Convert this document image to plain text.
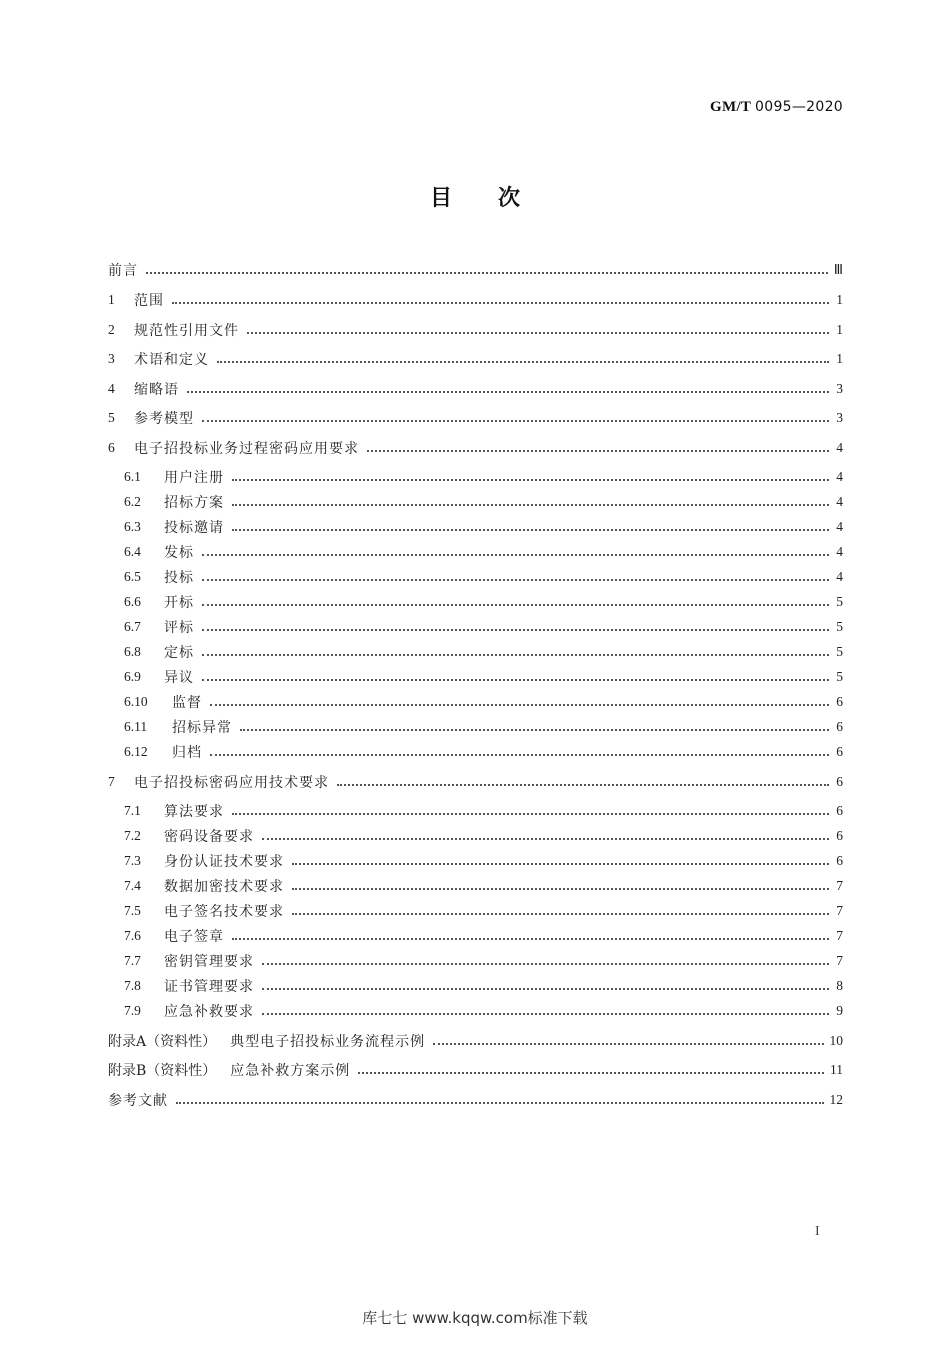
GM/T 0095—2020
目次
前言	Ⅲ
1	范围	1
2	规范性引用文件	1
3	术语和定义	1
4	缩略语	3
5	参考模型	3
6	电子招投标业务过程密码应用要求	4
6.1	用户注册	4
6.2	招标方案	4
6.3	投标邀请	4
6.4	发标	4
6.5	投标	4
6.6	开标	5
6.7	评标	5
6.8	定标	5
6.9	异议	5
6.10	监督	6
6.11	招标异常	6
6.12	归档	6
7	电子招投标密码应用技术要求	6
7.1	算法要求	6
7.2	密码设备要求	6
7.3	身份认证技术要求	6
7.4	数据加密技术要求	7
7.5	电子签名技术要求	7
7.6	电子签章	7
7.7	密钥管理要求	7
7.8	证书管理要求	8
7.9	应急补救要求	9
附录A（资料性） 典型电子招投标业务流程示例	10
附录B（资料性） 应急补救方案示例	11
参考文献	12
I
库七七 www.kqqw.com标准下载
